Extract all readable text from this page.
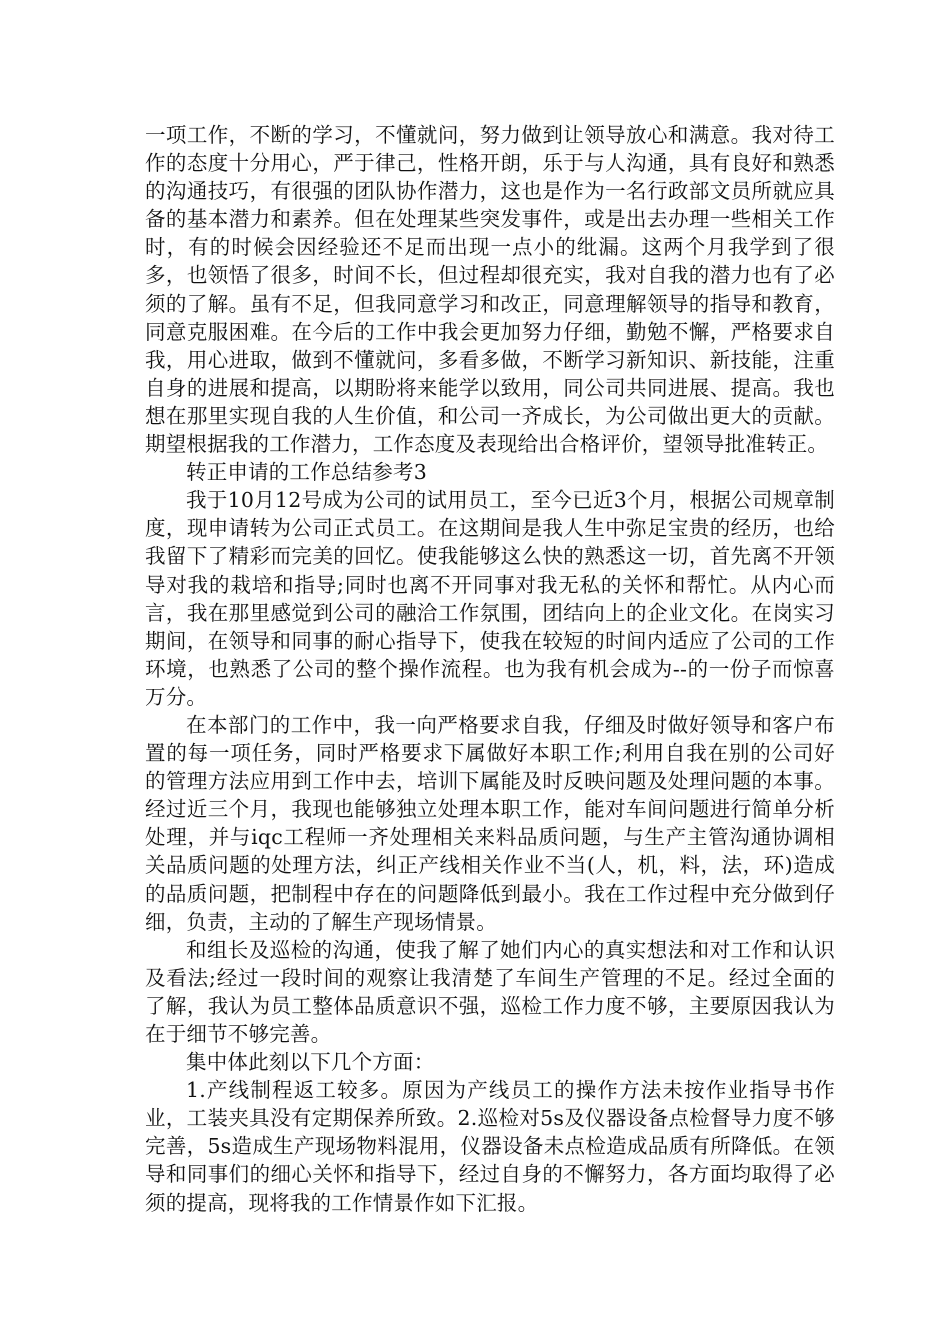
一项工作，不断的学习，不懂就问，努力做到让领导放心和满意。我对待工作的态度十分用心，严于律己，性格开朗，乐于与人沟通，具有良好和熟悉的沟通技巧，有很强的团队协作潜力，这也是作为一名行政部文员所就应具备的基本潜力和素养。但在处理某些突发事件，或是出去办理一些相关工作时，有的时候会因经验还不足而出现一点小的纰漏。这两个月我学到了很多，也领悟了很多，时间不长，但过程却很充实，我对自我的潜力也有了必须的了解。虽有不足，但我同意学习和改正，同意理解领导的指导和教育，同意克服困难。在今后的工作中我会更加努力仔细，勤勉不懈，严格要求自我，用心进取，做到不懂就问，多看多做，不断学习新知识、新技能，注重自身的进展和提高，以期盼将来能学以致用，同公司共同进展、提高。我也想在那里实现自我的人生价值，和公司一齐成长，为公司做出更大的贡献。期望根据我的工作潜力，工作态度及表现给出合格评价，望领导批准转正。

转正申请的工作总结参考3

我于10月12号成为公司的试用员工，至今已近3个月，根据公司规章制度，现申请转为公司正式员工。在这期间是我人生中弥足宝贵的经历，也给我留下了精彩而完美的回忆。使我能够这么快的熟悉这一切，首先离不开领导对我的栽培和指导;同时也离不开同事对我无私的关怀和帮忙。从内心而言，我在那里感觉到公司的融洽工作氛围，团结向上的企业文化。在岗实习期间，在领导和同事的耐心指导下，使我在较短的时间内适应了公司的工作环境，也熟悉了公司的整个操作流程。也为我有机会成为--的一份子而惊喜万分。

在本部门的工作中，我一向严格要求自我，仔细及时做好领导和客户布置的每一项任务，同时严格要求下属做好本职工作;利用自我在别的公司好的管理方法应用到工作中去，培训下属能及时反映问题及处理问题的本事。经过近三个月，我现也能够独立处理本职工作，能对车间问题进行简单分析处理，并与iqc工程师一齐处理相关来料品质问题，与生产主管沟通协调相关品质问题的处理方法，纠正产线相关作业不当(人，机，料，法，环)造成的品质问题，把制程中存在的问题降低到最小。我在工作过程中充分做到仔细，负责，主动的了解生产现场情景。

和组长及巡检的沟通，使我了解了她们内心的真实想法和对工作和认识及看法;经过一段时间的观察让我清楚了车间生产管理的不足。经过全面的了解，我认为员工整体品质意识不强，巡检工作力度不够，主要原因我认为在于细节不够完善。

集中体此刻以下几个方面：

1.产线制程返工较多。原因为产线员工的操作方法未按作业指导书作业，工装夹具没有定期保养所致。2.巡检对5s及仪器设备点检督导力度不够完善，5s造成生产现场物料混用，仪器设备未点检造成品质有所降低。在领导和同事们的细心关怀和指导下，经过自身的不懈努力，各方面均取得了必须的提高，现将我的工作情景作如下汇报。
